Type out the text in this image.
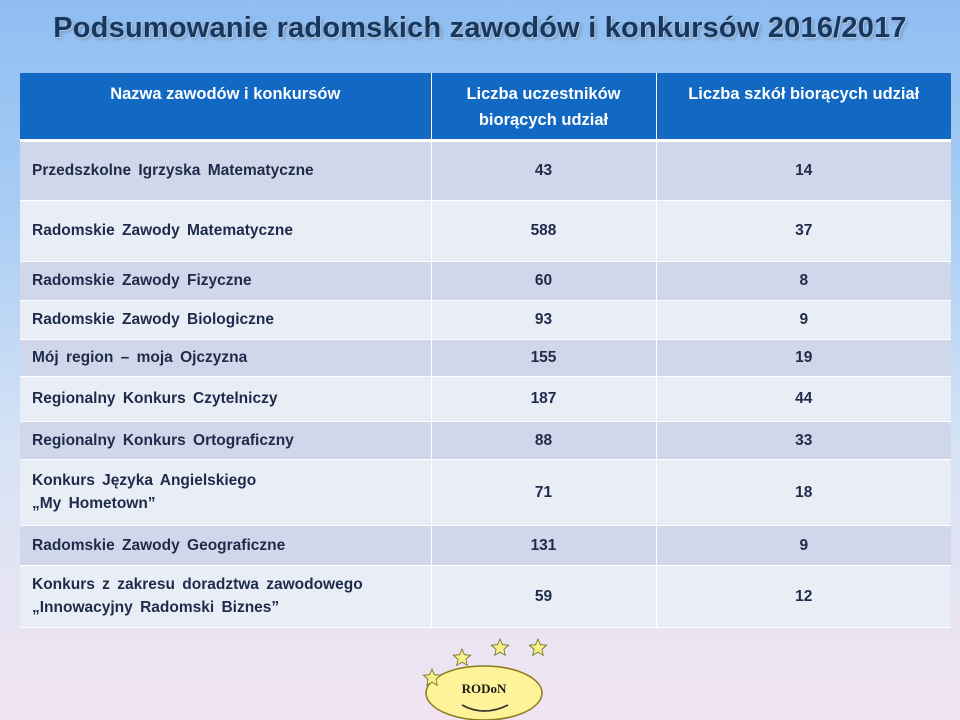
Podsumowanie radomskich zawodów i konkursów 2016/2017
Nazwa zawodów i konkursów	Liczba uczestników biorących udział	Liczba szkół biorących udział

Przedszkolne Igrzyska Matematyczne	43	14

Radomskie Zawody Matematyczne	588	37

Radomskie Zawody Fizyczne	60	8

Radomskie Zawody Biologiczne	93	9

Mój region – moja Ojczyzna	155	19

Regionalny Konkurs Czytelniczy	187	44

Regionalny Konkurs Ortograficzny	88	33

Konkurs Języka Angielskiego
„My Hometown”	71	18

Radomskie Zawody Geograficzne	131	9

Konkurs z zakresu doradztwa zawodowego
„Innowacyjny Radomski Biznes”	59	12
RODoN
